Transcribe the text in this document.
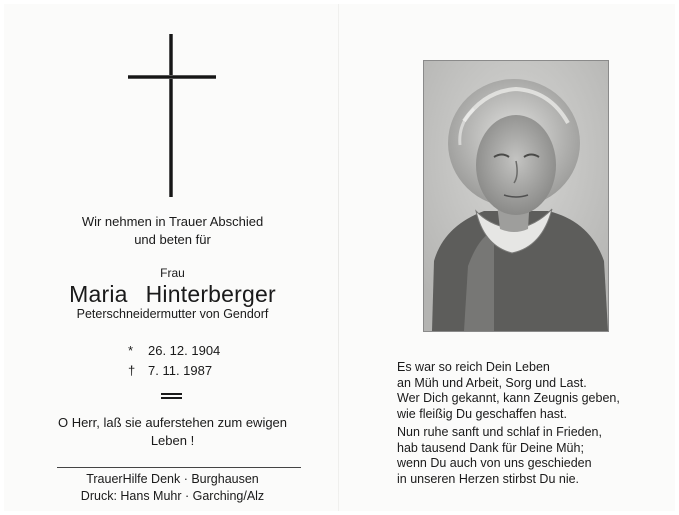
Wir nehmen in Trauer Abschied
und beten für
Frau
Maria Hinterberger
Peterschneidermutter von Gendorf
* 26. 12. 1904
† 7. 11. 1987
O Herr, laß sie auferstehen zum ewigen
Leben !
TrauerHilfe Denk · Burghausen
Druck: Hans Muhr · Garching/Alz
Es war so reich Dein Leben
an Müh und Arbeit, Sorg und Last.
Wer Dich gekannt, kann Zeugnis geben,
wie fleißig Du geschaffen hast.
Nun ruhe sanft und schlaf in Frieden,
hab tausend Dank für Deine Müh;
wenn Du auch von uns geschieden
in unseren Herzen stirbst Du nie.
